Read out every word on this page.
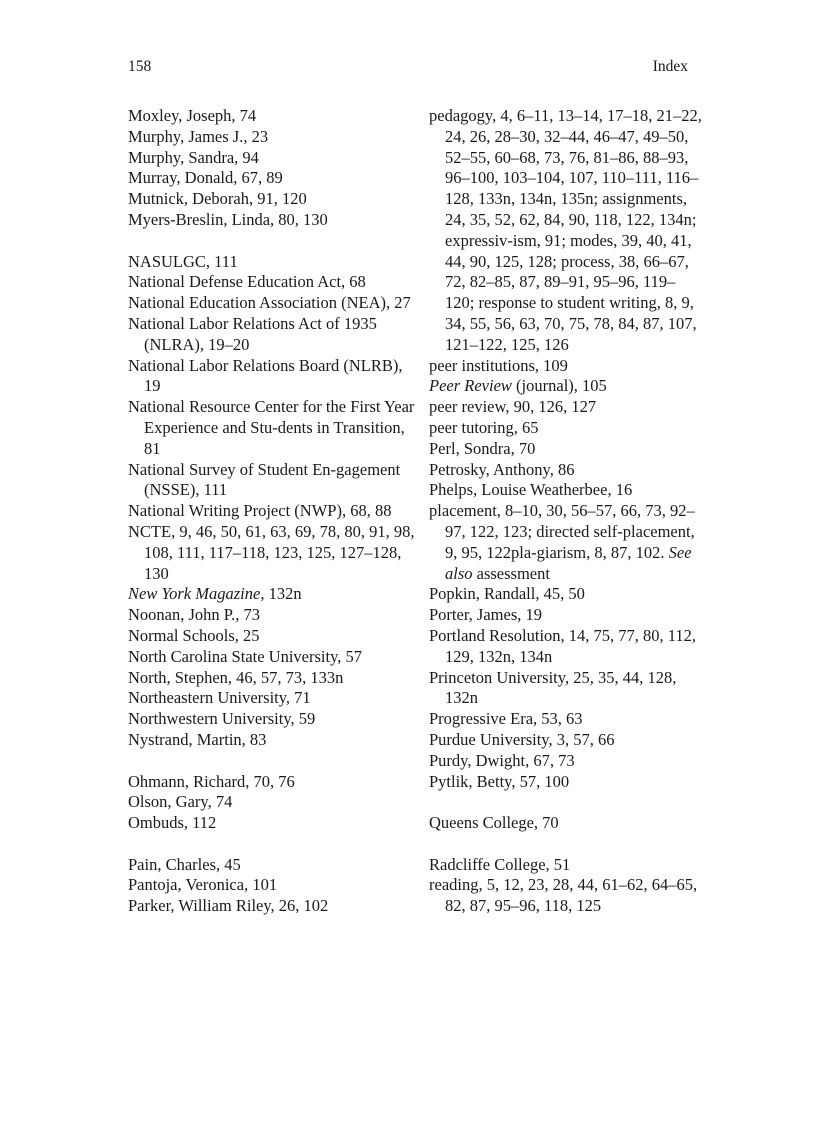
158	Index

Moxley, Joseph, 74

Murphy, James J., 23

Murphy, Sandra, 94

Murray, Donald, 67, 89

Mutnick, Deborah, 91, 120

Myers-Breslin, Linda, 80, 130

NASULGC, 111

National Defense Education Act, 68

National Education Association (NEA), 27

National Labor Relations Act of 1935 (NLRA), 19–20

National Labor Relations Board (NLRB), 19

National Resource Center for the First Year Experience and Stu-dents in Transition, 81

National Survey of Student En-gagement (NSSE), 111

National Writing Project (NWP), 68, 88

NCTE, 9, 46, 50, 61, 63, 69, 78, 80, 91, 98, 108, 111, 117–118, 123, 125, 127–128, 130

New York Magazine, 132n

Noonan, John P., 73

Normal Schools, 25

North Carolina State University, 57

North, Stephen, 46, 57, 73, 133n

Northeastern University, 71

Northwestern University, 59

Nystrand, Martin, 83

Ohmann, Richard, 70, 76

Olson, Gary, 74

Ombuds, 112

Pain, Charles, 45

Pantoja, Veronica, 101

Parker, William Riley, 26, 102

pedagogy, 4, 6–11, 13–14, 17–18, 21–22, 24, 26, 28–30, 32–44, 46–47, 49–50, 52–55, 60–68, 73, 76, 81–86, 88–93, 96–100, 103–104, 107, 110–111, 116–128, 133n, 134n, 135n; assignments, 24, 35, 52, 62, 84, 90, 118, 122, 134n; expressiv-ism, 91; modes, 39, 40, 41, 44, 90, 125, 128; process, 38, 66–67, 72, 82–85, 87, 89–91, 95–96, 119–120; response to student writing, 8, 9, 34, 55, 56, 63, 70, 75, 78, 84, 87, 107, 121–122, 125, 126

peer institutions, 109

Peer Review (journal), 105

peer review, 90, 126, 127

peer tutoring, 65

Perl, Sondra, 70

Petrosky, Anthony, 86

Phelps, Louise Weatherbee, 16

placement, 8–10, 30, 56–57, 66, 73, 92–97, 122, 123; directed self-placement, 9, 95, 122pla-giarism, 8, 87, 102. See also assessment

Popkin, Randall, 45, 50

Porter, James, 19

Portland Resolution, 14, 75, 77, 80, 112, 129, 132n, 134n

Princeton University, 25, 35, 44, 128, 132n

Progressive Era, 53, 63

Purdue University, 3, 57, 66

Purdy, Dwight, 67, 73

Pytlik, Betty, 57, 100

Queens College, 70

Radcliffe College, 51

reading, 5, 12, 23, 28, 44, 61–62, 64–65, 82, 87, 95–96, 118, 125
